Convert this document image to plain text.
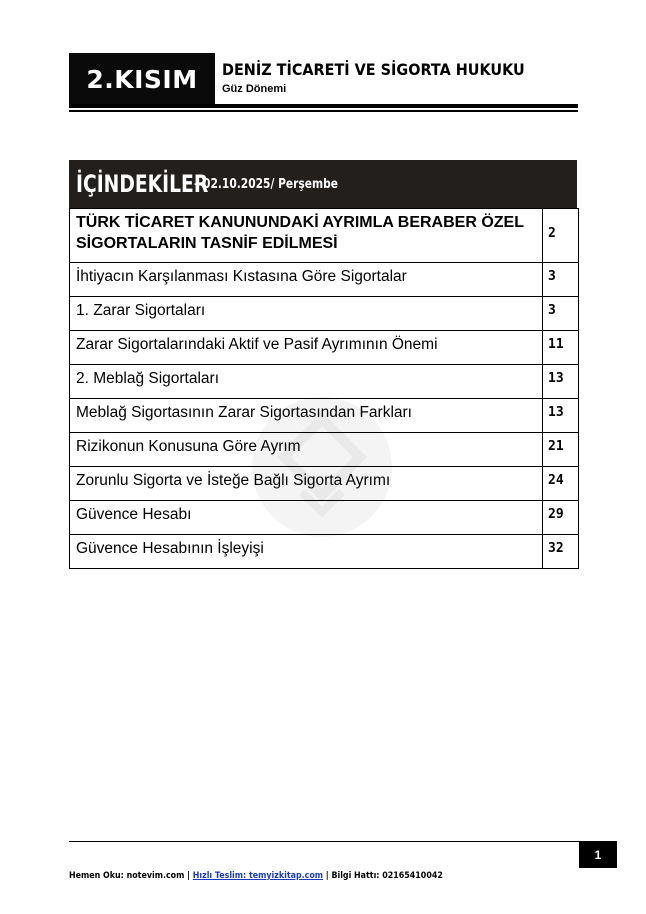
2.KISIM	DENİZ TİCARETİ VE SİGORTA HUKUKU
Güz Dönemi
İÇİNDEKİLER
– 02.10.2025/ Perşembe
TÜRK TİCARET KANUNUNDAKİ AYRIMLA BERABER ÖZEL SİGORTALARIN TASNİF EDİLMESİ	2
İhtiyacın Karşılanması Kıstasına Göre Sigortalar	3
1. Zarar Sigortaları	3
Zarar Sigortalarındaki Aktif ve Pasif Ayrımının Önemi	11
2. Meblağ Sigortaları	13
Meblağ Sigortasının Zarar Sigortasından Farkları	13
Rizikonun Konusuna Göre Ayrım	21
Zorunlu Sigorta ve İsteğe Bağlı Sigorta Ayrımı	24
Güvence Hesabı	29
Güvence Hesabının İşleyişi	32
1
Hemen Oku: notevim.com | Hızlı Teslim: temyizkitap.com | Bilgi Hattı: 02165410042
